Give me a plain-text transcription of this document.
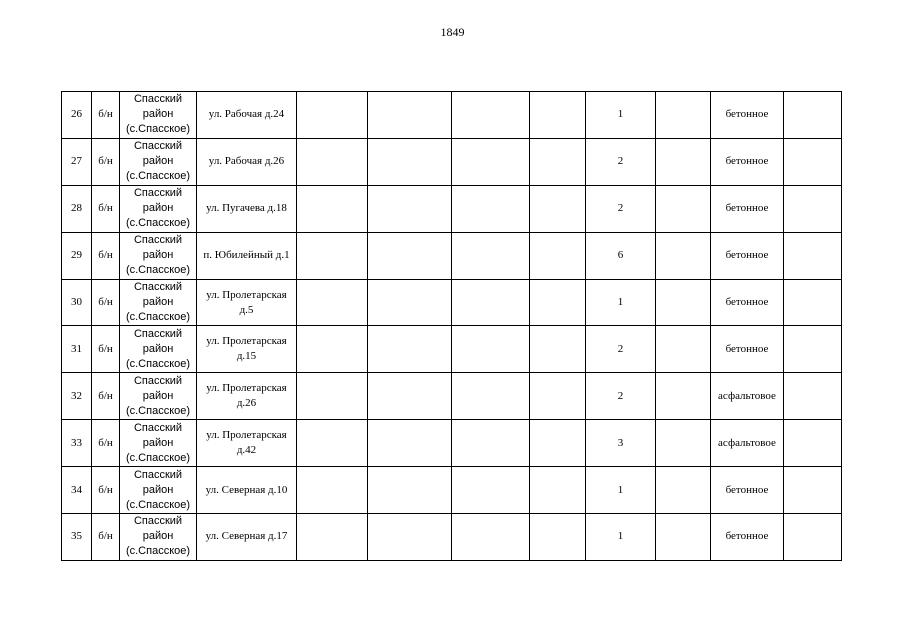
1849
26	б/н	Спасский
район
(с.Спасское)	ул. Рабочая д.24					1		бетонное	
27	б/н	Спасский
район
(с.Спасское)	ул. Рабочая д.26					2		бетонное	
28	б/н	Спасский
район
(с.Спасское)	ул. Пугачева д.18					2		бетонное	
29	б/н	Спасский
район
(с.Спасское)	п. Юбилейный д.1					6		бетонное	
30	б/н	Спасский
район
(с.Спасское)	ул. Пролетарская
д.5					1		бетонное	
31	б/н	Спасский
район
(с.Спасское)	ул. Пролетарская
д.15					2		бетонное	
32	б/н	Спасский
район
(с.Спасское)	ул. Пролетарская
д.26					2		асфальтовое	
33	б/н	Спасский
район
(с.Спасское)	ул. Пролетарская
д.42					3		асфальтовое	
34	б/н	Спасский
район
(с.Спасское)	ул. Северная д.10					1		бетонное	
35	б/н	Спасский
район
(с.Спасское)	ул. Северная д.17					1		бетонное	
